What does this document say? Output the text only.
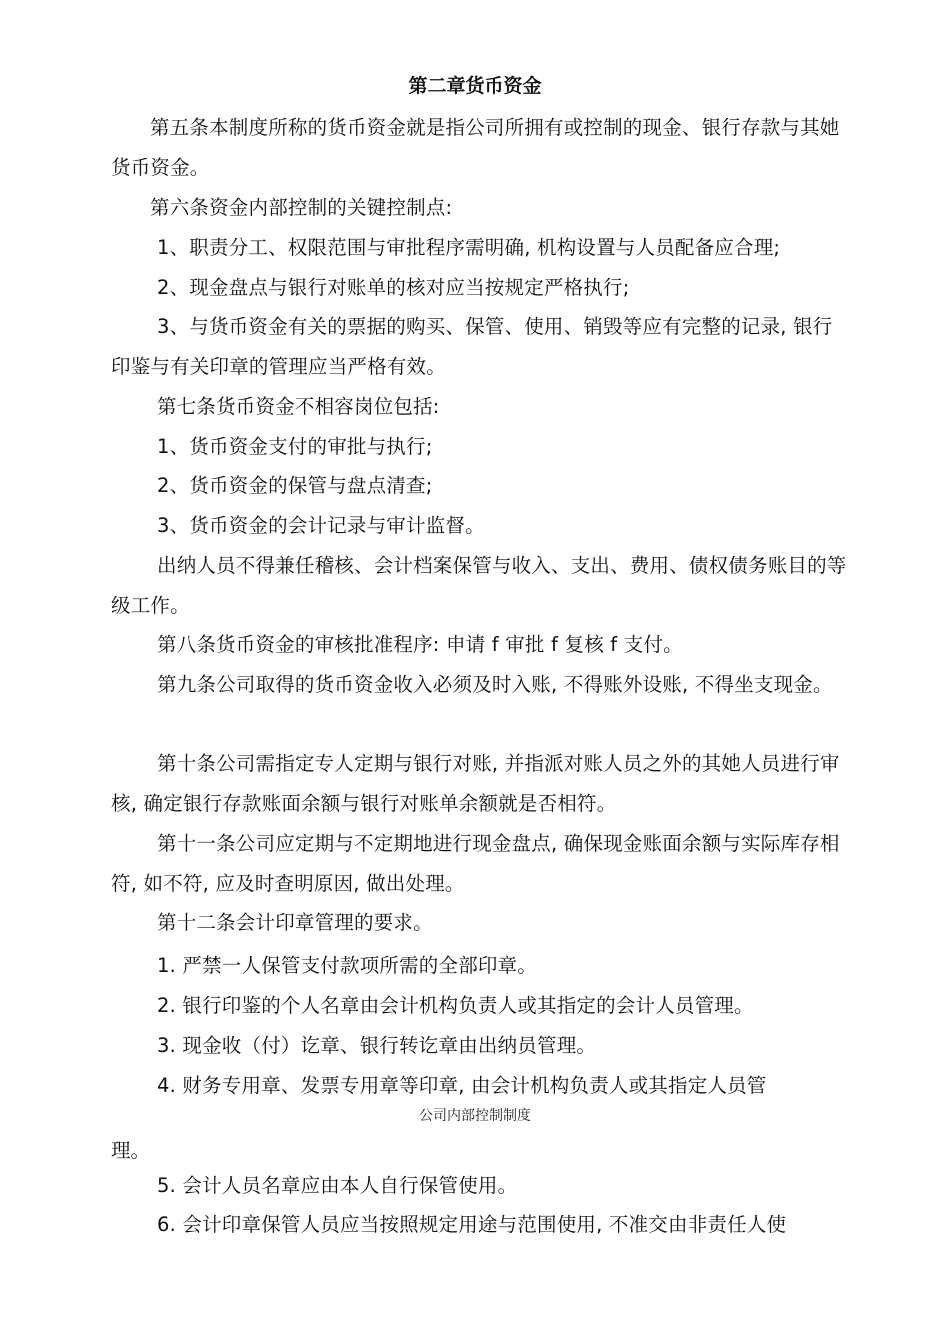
第二章货币资金
第五条本制度所称的货币资金就是指公司所拥有或控制的现金、银行存款与其她货币资金。
第六条资金内部控制的关键控制点:
1、职责分工、权限范围与审批程序需明确, 机构设置与人员配备应合理;
2、现金盘点与银行对账单的核对应当按规定严格执行;
3、与货币资金有关的票据的购买、保管、使用、销毁等应有完整的记录, 银行印鉴与有关印章的管理应当严格有效。
第七条货币资金不相容岗位包括:
1、货币资金支付的审批与执行;
2、货币资金的保管与盘点清查;
3、货币资金的会计记录与审计监督。
出纳人员不得兼任稽核、会计档案保管与收入、支出、费用、债权债务账目的等级工作。
第八条货币资金的审核批准程序: 申请 f 审批 f 复核 f 支付。
第九条公司取得的货币资金收入必须及时入账, 不得账外设账, 不得坐支现金。
第十条公司需指定专人定期与银行对账, 并指派对账人员之外的其她人员进行审核, 确定银行存款账面余额与银行对账单余额就是否相符。
第十一条公司应定期与不定期地进行现金盘点, 确保现金账面余额与实际库存相符, 如不符, 应及时查明原因, 做出处理。
第十二条会计印章管理的要求。
1. 严禁一人保管支付款项所需的全部印章。
2. 银行印鉴的个人名章由会计机构负责人或其指定的会计人员管理。
3. 现金收（付）讫章、银行转讫章由出纳员管理。
4. 财务专用章、发票专用章等印章, 由会计机构负责人或其指定人员管
公司内部控制制度
理。
5. 会计人员名章应由本人自行保管使用。
6. 会计印章保管人员应当按照规定用途与范围使用, 不准交由非责任人使
